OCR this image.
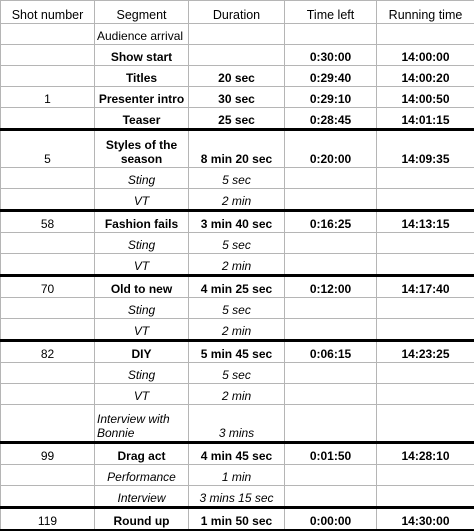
Shot number	Segment	Duration	Time left	Running time
	Audience arrival			
	Show start		0:30:00	14:00:00
	Titles	20 sec	0:29:40	14:00:20
1	Presenter intro	30 sec	0:29:10	14:00:50
	Teaser	25 sec	0:28:45	14:01:15
5	Styles of the season	8 min 20 sec	0:20:00	14:09:35
	Sting	5 sec		
	VT	2 min		
58	Fashion fails	3 min 40 sec	0:16:25	14:13:15
	Sting	5 sec		
	VT	2 min		
70	Old to new	4 min 25 sec	0:12:00	14:17:40
	Sting	5 sec		
	VT	2 min		
82	DIY	5 min 45 sec	0:06:15	14:23:25
	Sting	5 sec		
	VT	2 min		
	Interview with Bonnie	3 mins		
99	Drag act	4 min 45 sec	0:01:50	14:28:10
	Performance	1 min		
	Interview	3 mins 15 sec		
119	Round up	1 min 50 sec	0:00:00	14:30:00
